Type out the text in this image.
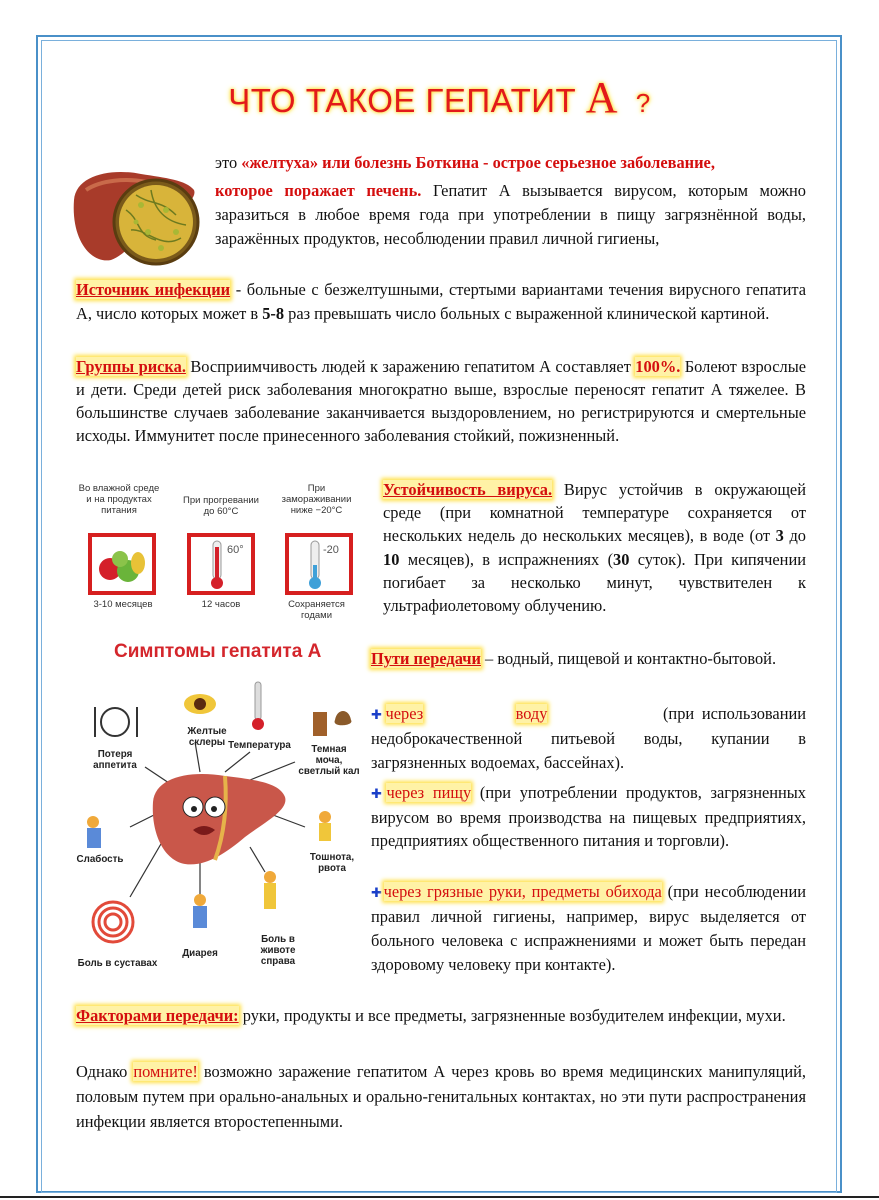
ЧТО ТАКОЕ ГЕПАТИТ А ?
это «желтуха» или болезнь Боткина - острое серьезное заболевание,
которое поражает печень. Гепатит А вызывается вирусом, которым можно заразиться в любое время года при употреблении в пищу загрязнённой воды, заражённых продуктов, несоблюдении правил личной гигиены,
Источник инфекции - больные с безжелтушными, стертыми вариантами течения вирусного гепатита А, число которых может в 5-8 раз превышать число больных с выраженной клинической картиной.
Группы риска. Восприимчивость людей к заражению гепатитом А составляет 100%. Болеют взрослые и дети. Среди детей риск заболевания многократно выше, взрослые переносят гепатит А тяжелее. В большинстве случаев заболевание заканчивается выздоровлением, но регистрируются и смертельные исходы. Иммунитет после принесенного заболевания стойкий, пожизненный.
Во влажной среде и на продуктах питания
3-10 месяцев
При прогревании до 60°С
60°
12 часов
При замораживании ниже −20°С
-20
Сохраняется годами
Устойчивость вируса. Вирус устойчив в окружающей среде (при комнатной температуре сохраняется от нескольких недель до нескольких месяцев), в воде (от 3 до 10 месяцев), в испражнениях (30 суток). При кипячении погибает за несколько минут, чувствителен к ультрафиолетовому облучению.
Симптомы гепатита А
Потеря аппетита
Желтые склеры Температура	Темная моча, светлый кал
Слабость	Тошнота, рвота
Боль в суставах
Диарея
Боль в животе справа
Пути передачи – водный, пищевой и контактно-бытовой.
✚через	воду	(при использовании недоброкачественной питьевой воды, купании в загрязненных водоемах, бассейнах).
✚через пищу (при употреблении продуктов, загрязненных вирусом во время производства на пищевых предприятиях, предприятиях общественного питания и торговли).
✚через грязные руки, предметы обихода (при несоблюдении правил личной гигиены, например, вирус выделяется от больного человека с испражнениями и может быть передан здоровому человеку при контакте).
Факторами передачи: руки, продукты и все предметы, загрязненные возбудителем инфекции, мухи.
Однако помните! возможно заражение гепатитом А через кровь во время медицинских манипуляций, половым путем при орально-анальных и орально-генитальных контактах, но эти пути распространения инфекции является второстепенными.
